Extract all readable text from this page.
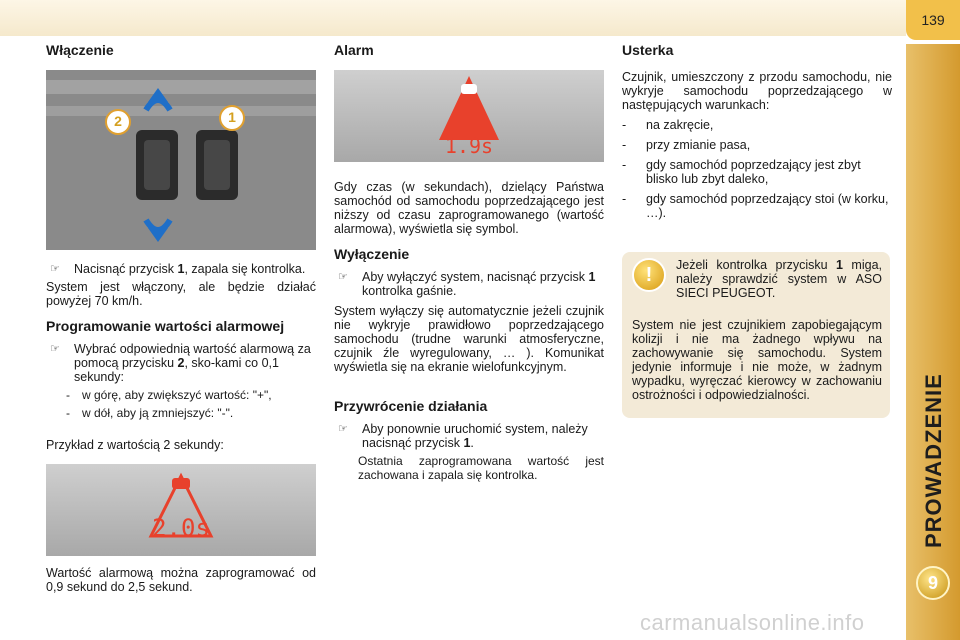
139
9
Włączenie
2	1
☞	Nacisnąć przycisk 1, zapala się kontrolka.

System jest włączony, ale będzie działać powyżej 70 km/h.

Programowanie wartości alarmowej
☞	Wybrać odpowiednią wartość alarmową za pomocą przycisku 2, sko-kami co 0,1 sekundy:
-	w górę, aby zwiększyć wartość: "+",
-	w dół, aby ją zmniejszyć: "-".

Przykład z wartością 2 sekundy:

2.0s

Wartość alarmową można zaprogramować od 0,9 sekund do 2,5 sekund.

Alarm
1.9s

Gdy czas (w sekundach), dzielący Państwa samochód od samochodu poprzedzającego jest niższy od czasu zaprogramowanego (wartość alarmowa), wyświetla się symbol.

Wyłączenie
☞	Aby wyłączyć system, nacisnąć przycisk 1 kontrolka gaśnie.

System wyłączy się automatycznie jeżeli czujnik nie wykryje prawidłowo poprzedzającego samochodu (trudne warunki atmosferyczne, czujnik źle wyregulowany, … ). Komunikat wyświetla się na ekranie wielofunkcyjnym.

Przywrócenie działania
☞	Aby ponownie uruchomić system, należy nacisnąć przycisk 1.

Ostatnia zaprogramowana wartość jest zachowana i zapala się kontrolka.

Usterka

Czujnik, umieszczony z przodu samochodu, nie wykryje samochodu poprzedzającego w następujących warunkach:

-	na zakręcie,
-	przy zmianie pasa,
-	gdy samochód poprzedzający jest zbyt blisko lub zbyt daleko,
-	gdy samochód poprzedzający stoi (w korku, …).
!	Jeżeli kontrolka przycisku 1 miga, należy sprawdzić system w ASO SIECI PEUGEOT.

System nie jest czujnikiem zapobiegającym kolizji i nie ma żadnego wpływu na zachowywanie się samochodu. System jedynie informuje i nie może, w żadnym wypadku, wyręczać kierowcy w zachowaniu ostrożności i odpowiedzialności.

carmanualsonline.info
